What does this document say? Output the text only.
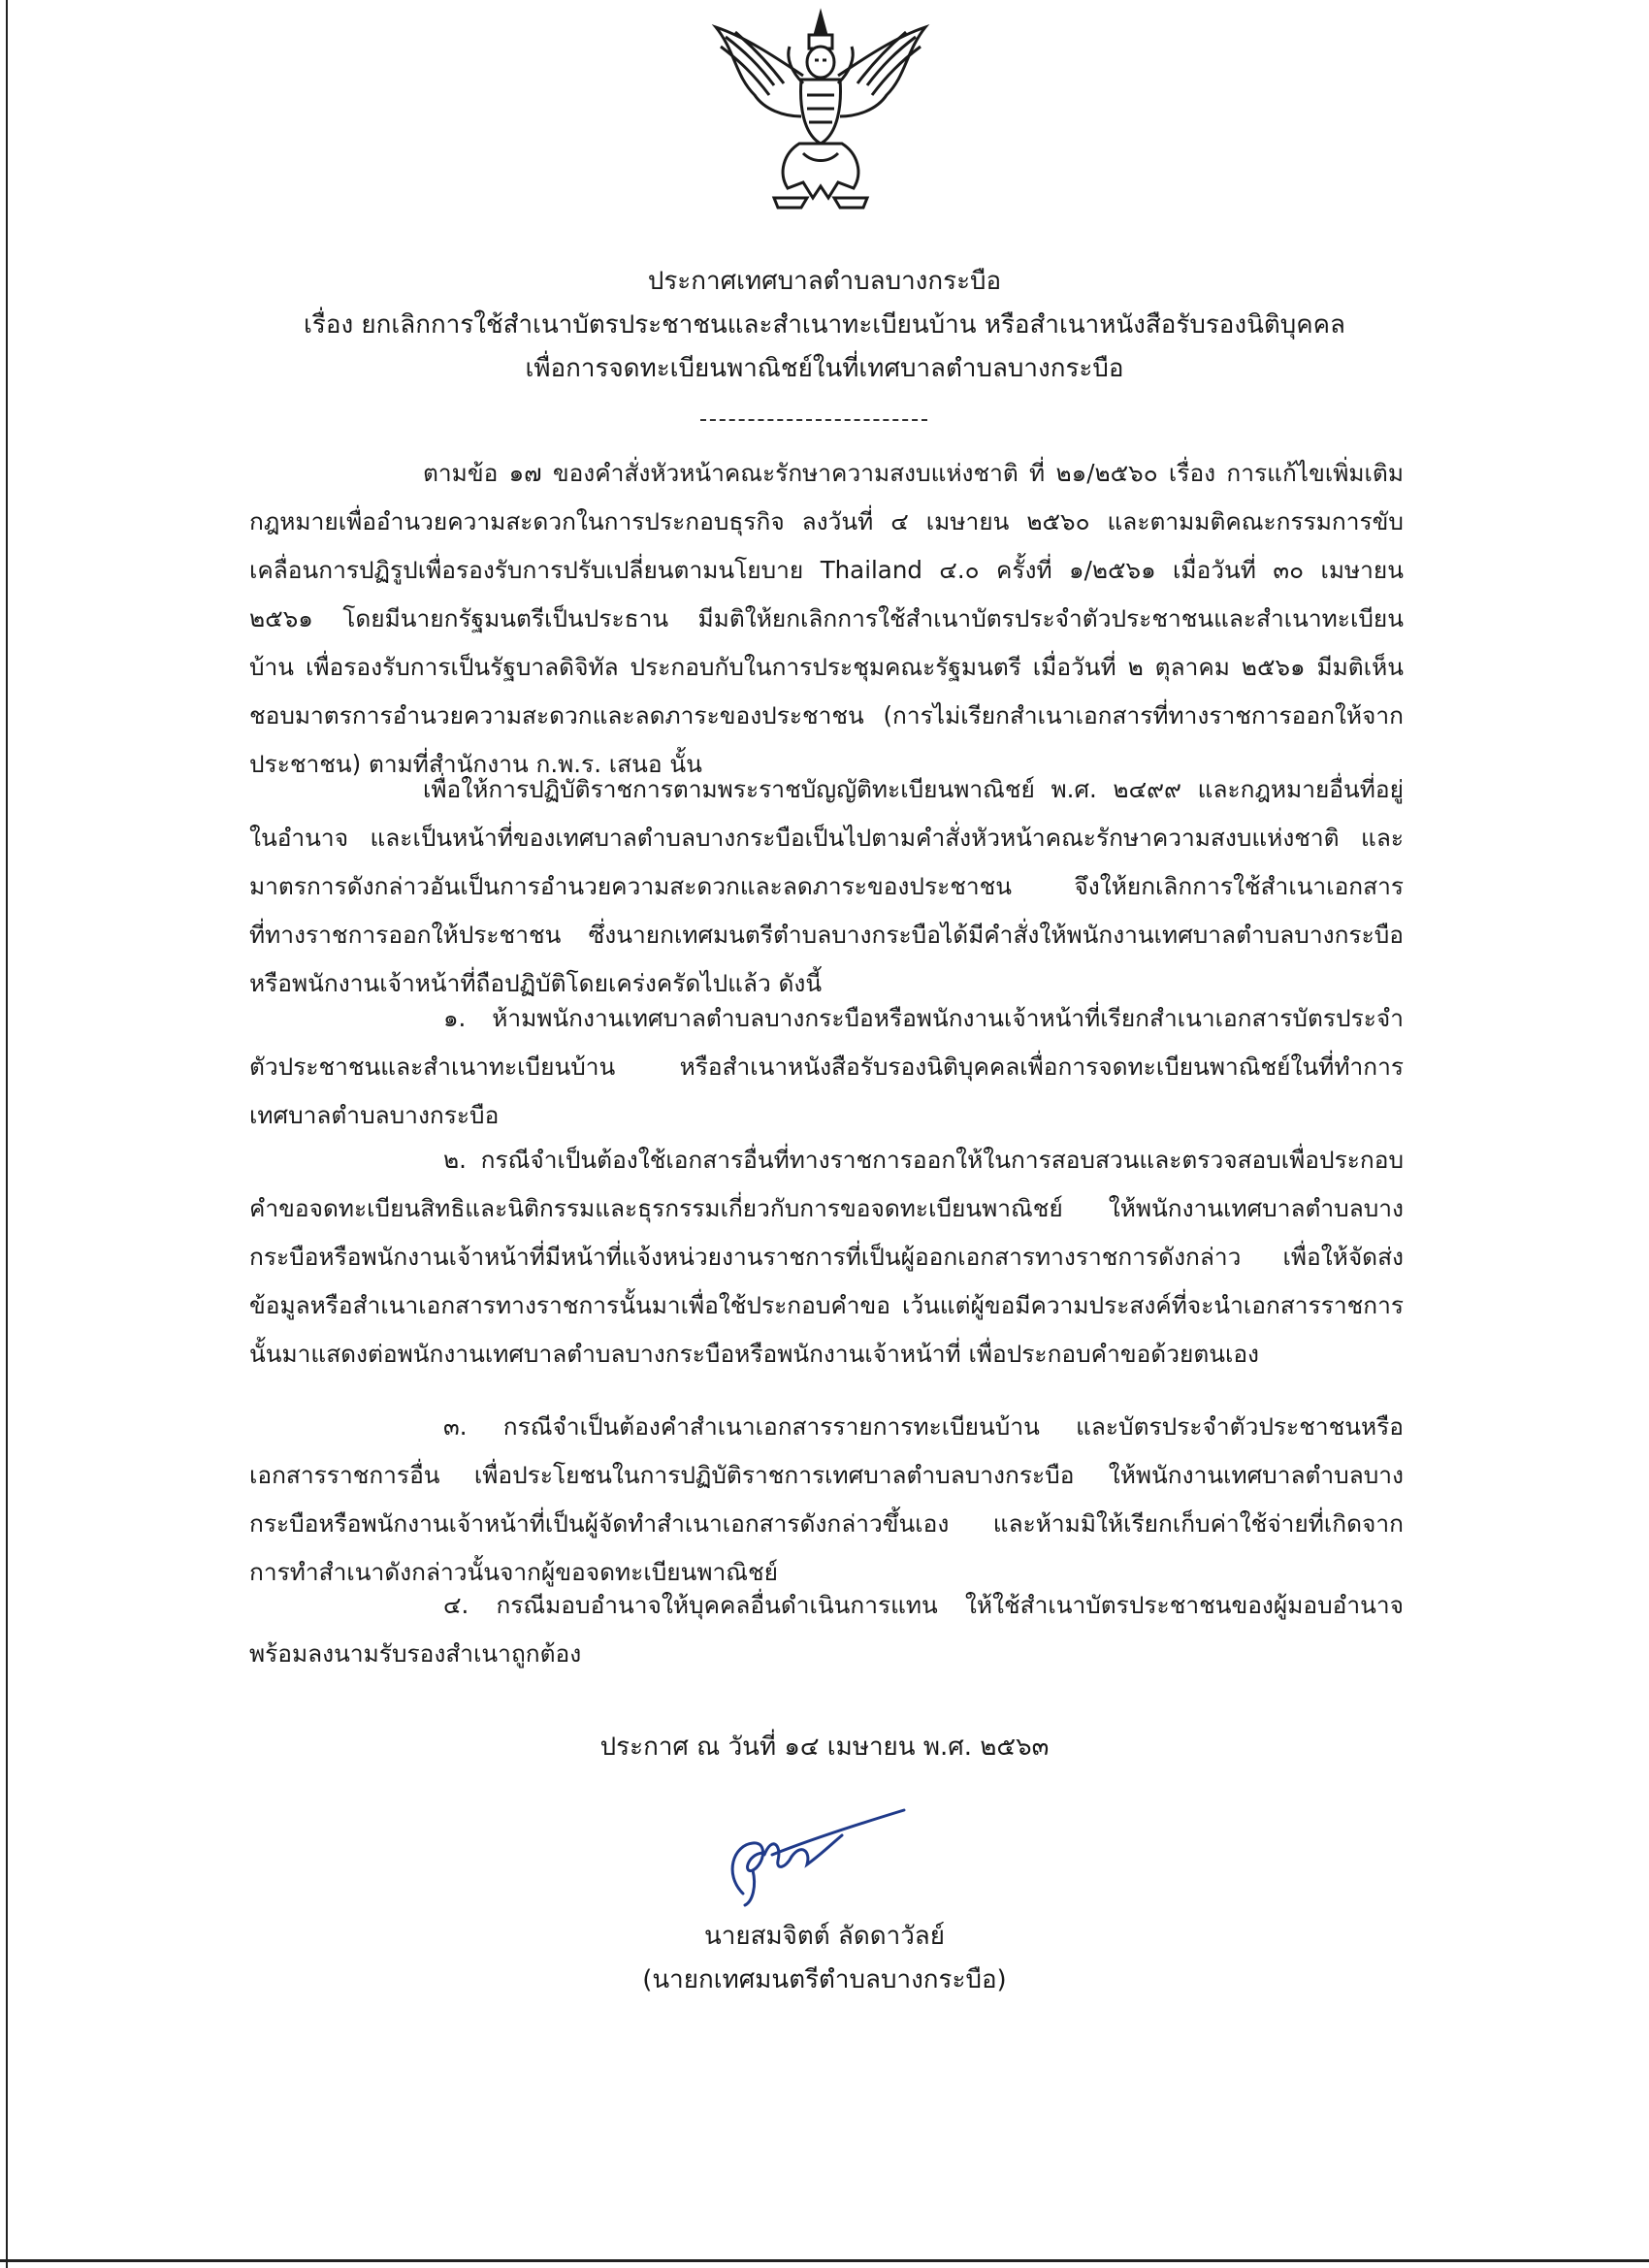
ประกาศเทศบาลตำบลบางกระบือ
เรื่อง ยกเลิกการใช้สำเนาบัตรประชาชนและสำเนาทะเบียนบ้าน หรือสำเนาหนังสือรับรองนิติบุคคล
เพื่อการจดทะเบียนพาณิชย์ในที่เทศบาลตำบลบางกระบือ

ตามข้อ ๑๗ ของคำสั่งหัวหน้าคณะรักษาความสงบแห่งชาติ ที่ ๒๑/๒๕๖๐ เรื่อง การแก้ไขเพิ่มเติมกฎหมายเพื่ออำนวยความสะดวกในการประกอบธุรกิจ ลงวันที่ ๔ เมษายน ๒๕๖๐ และตามมติคณะกรรมการขับเคลื่อนการปฏิรูปเพื่อรองรับการปรับเปลี่ยนตามนโยบาย Thailand ๔.๐ ครั้งที่ ๑/๒๕๖๑ เมื่อวันที่ ๓๐ เมษายน ๒๕๖๑ โดยมีนายกรัฐมนตรีเป็นประธาน มีมติให้ยกเลิกการใช้สำเนาบัตรประจำตัวประชาชนและสำเนาทะเบียนบ้าน เพื่อรองรับการเป็นรัฐบาลดิจิทัล ประกอบกับในการประชุมคณะรัฐมนตรี เมื่อวันที่ ๒ ตุลาคม ๒๕๖๑ มีมติเห็นชอบมาตรการอำนวยความสะดวกและลดภาระของประชาชน (การไม่เรียกสำเนาเอกสารที่ทางราชการออกให้จากประชาชน) ตามที่สำนักงาน ก.พ.ร. เสนอ นั้น

เพื่อให้การปฏิบัติราชการตามพระราชบัญญัติทะเบียนพาณิชย์ พ.ศ. ๒๔๙๙ และกฎหมายอื่นที่อยู่ในอำนาจ และเป็นหน้าที่ของเทศบาลตำบลบางกระบือเป็นไปตามคำสั่งหัวหน้าคณะรักษาความสงบแห่งชาติ และมาตรการดังกล่าวอันเป็นการอำนวยความสะดวกและลดภาระของประชาชน จึงให้ยกเลิกการใช้สำเนาเอกสารที่ทางราชการออกให้ประชาชน ซึ่งนายกเทศมนตรีตำบลบางกระบือได้มีคำสั่งให้พนักงานเทศบาลตำบลบางกระบือหรือพนักงานเจ้าหน้าที่ถือปฏิบัติโดยเคร่งครัดไปแล้ว ดังนี้

๑. ห้ามพนักงานเทศบาลตำบลบางกระบือหรือพนักงานเจ้าหน้าที่เรียกสำเนาเอกสารบัตรประจำตัวประชาชนและสำเนาทะเบียนบ้าน หรือสำเนาหนังสือรับรองนิติบุคคลเพื่อการจดทะเบียนพาณิชย์ในที่ทำการเทศบาลตำบลบางกระบือ

๒. กรณีจำเป็นต้องใช้เอกสารอื่นที่ทางราชการออกให้ในการสอบสวนและตรวจสอบเพื่อประกอบคำขอจดทะเบียนสิทธิและนิติกรรมและธุรกรรมเกี่ยวกับการขอจดทะเบียนพาณิชย์ ให้พนักงานเทศบาลตำบลบางกระบือหรือพนักงานเจ้าหน้าที่มีหน้าที่แจ้งหน่วยงานราชการที่เป็นผู้ออกเอกสารทางราชการดังกล่าว เพื่อให้จัดส่งข้อมูลหรือสำเนาเอกสารทางราชการนั้นมาเพื่อใช้ประกอบคำขอ เว้นแต่ผู้ขอมีความประสงค์ที่จะนำเอกสารราชการนั้นมาแสดงต่อพนักงานเทศบาลตำบลบางกระบือหรือพนักงานเจ้าหน้าที่ เพื่อประกอบคำขอด้วยตนเอง

๓. กรณีจำเป็นต้องคำสำเนาเอกสารรายการทะเบียนบ้าน และบัตรประจำตัวประชาชนหรือเอกสารราชการอื่น เพื่อประโยชนในการปฏิบัติราชการเทศบาลตำบลบางกระบือ ให้พนักงานเทศบาลตำบลบางกระบือหรือพนักงานเจ้าหน้าที่เป็นผู้จัดทำสำเนาเอกสารดังกล่าวขึ้นเอง และห้ามมิให้เรียกเก็บค่าใช้จ่ายที่เกิดจากการทำสำเนาดังกล่าวนั้นจากผู้ขอจดทะเบียนพาณิชย์

๔. กรณีมอบอำนาจให้บุคคลอื่นดำเนินการแทน ให้ใช้สำเนาบัตรประชาชนของผู้มอบอำนาจพร้อมลงนามรับรองสำเนาถูกต้อง

ประกาศ ณ วันที่ ๑๔ เมษายน พ.ศ. ๒๕๖๓
นายสมจิตต์ ลัดดาวัลย์
(นายกเทศมนตรีตำบลบางกระบือ)
